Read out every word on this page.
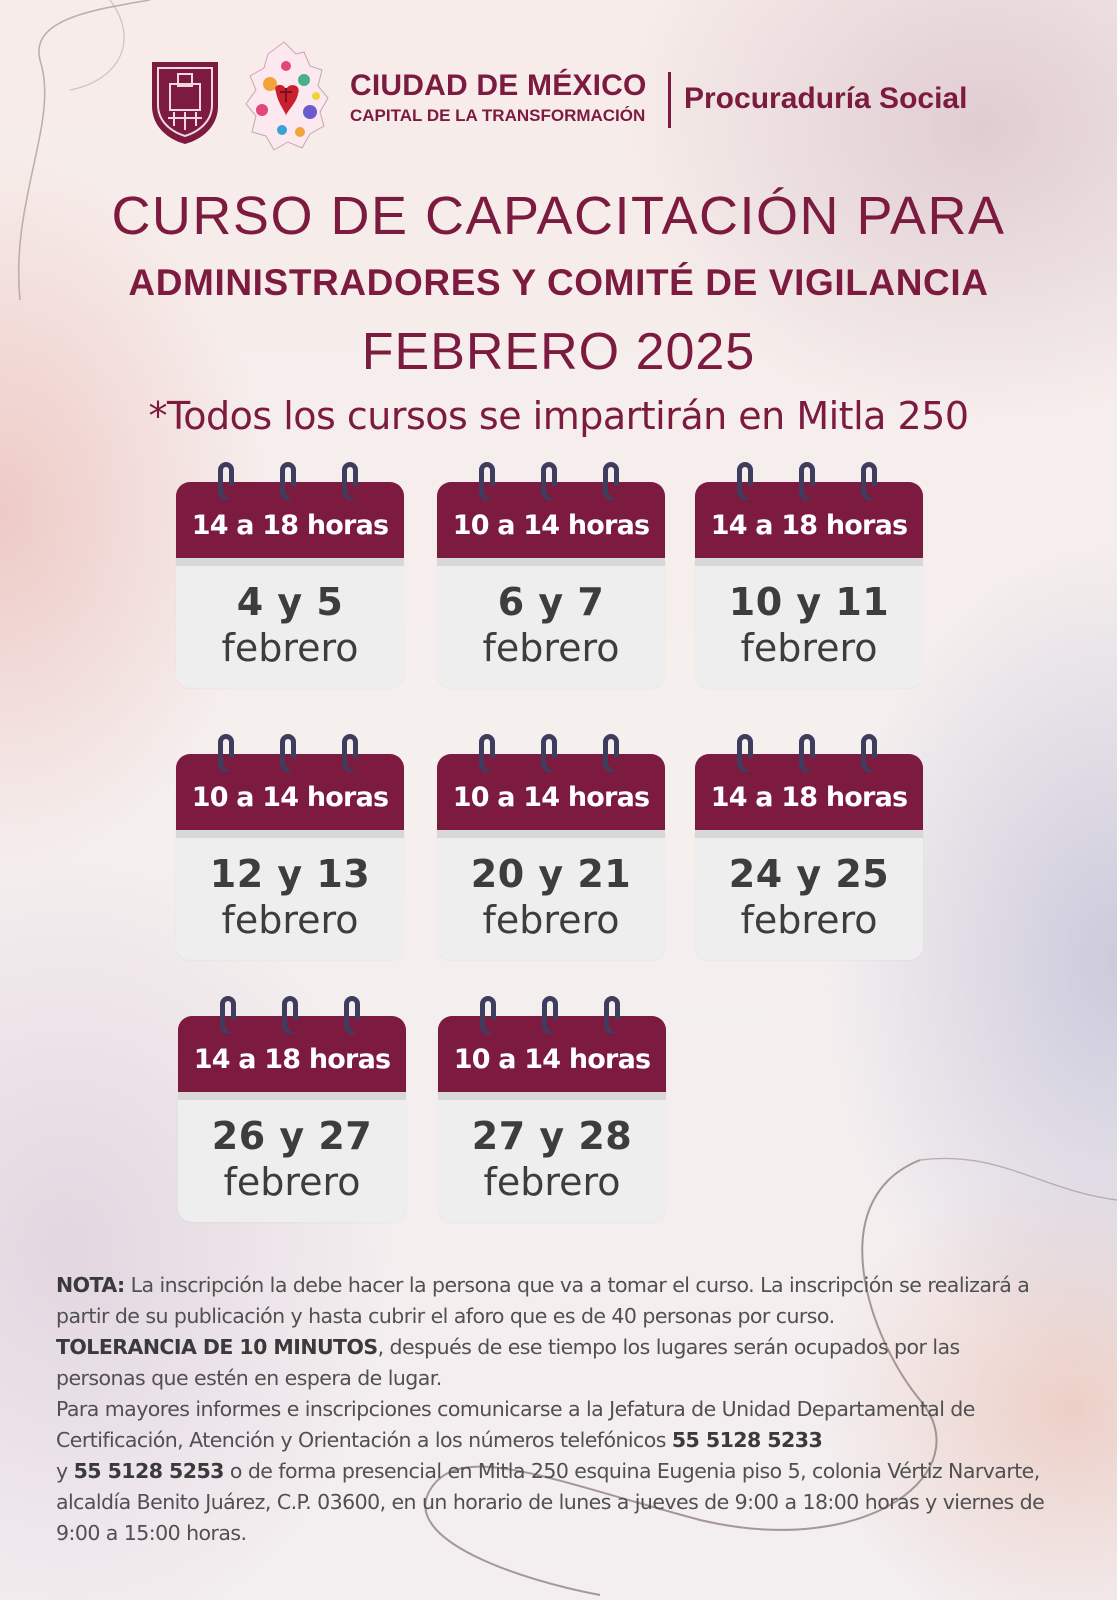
CIUDAD DE MÉXICO
CAPITAL DE LA TRANSFORMACIÓN
Procuraduría Social
CURSO DE CAPACITACIÓN PARA
ADMINISTRADORES Y COMITÉ DE VIGILANCIA
FEBRERO 2025
*Todos los cursos se impartirán en Mitla 250
14 a 18 horas
4 y 5
febrero
10 a 14 horas
6 y 7
febrero
14 a 18 horas
10 y 11
febrero
10 a 14 horas
12 y 13
febrero
10 a 14 horas
20 y 21
febrero
14 a 18 horas
24 y 25
febrero
14 a 18 horas
26 y 27
febrero
10 a 14 horas
27 y 28
febrero
NOTA: La inscripción la debe hacer la persona que va a tomar el curso. La inscripción se realizará a partir de su publicación y hasta cubrir el aforo que es de 40 personas por curso.
TOLERANCIA DE 10 MINUTOS, después de ese tiempo los lugares serán ocupados por las personas que estén en espera de lugar.
Para mayores informes e inscripciones comunicarse a la Jefatura de Unidad Departamental de Certificación, Atención y Orientación a los números telefónicos 55 5128 5233
y 55 5128 5253 o de forma presencial en Mitla 250 esquina Eugenia piso 5, colonia Vértiz Narvarte, alcaldía Benito Juárez, C.P. 03600, en un horario de lunes a jueves de 9:00 a 18:00 horas y viernes de 9:00 a 15:00 horas.
